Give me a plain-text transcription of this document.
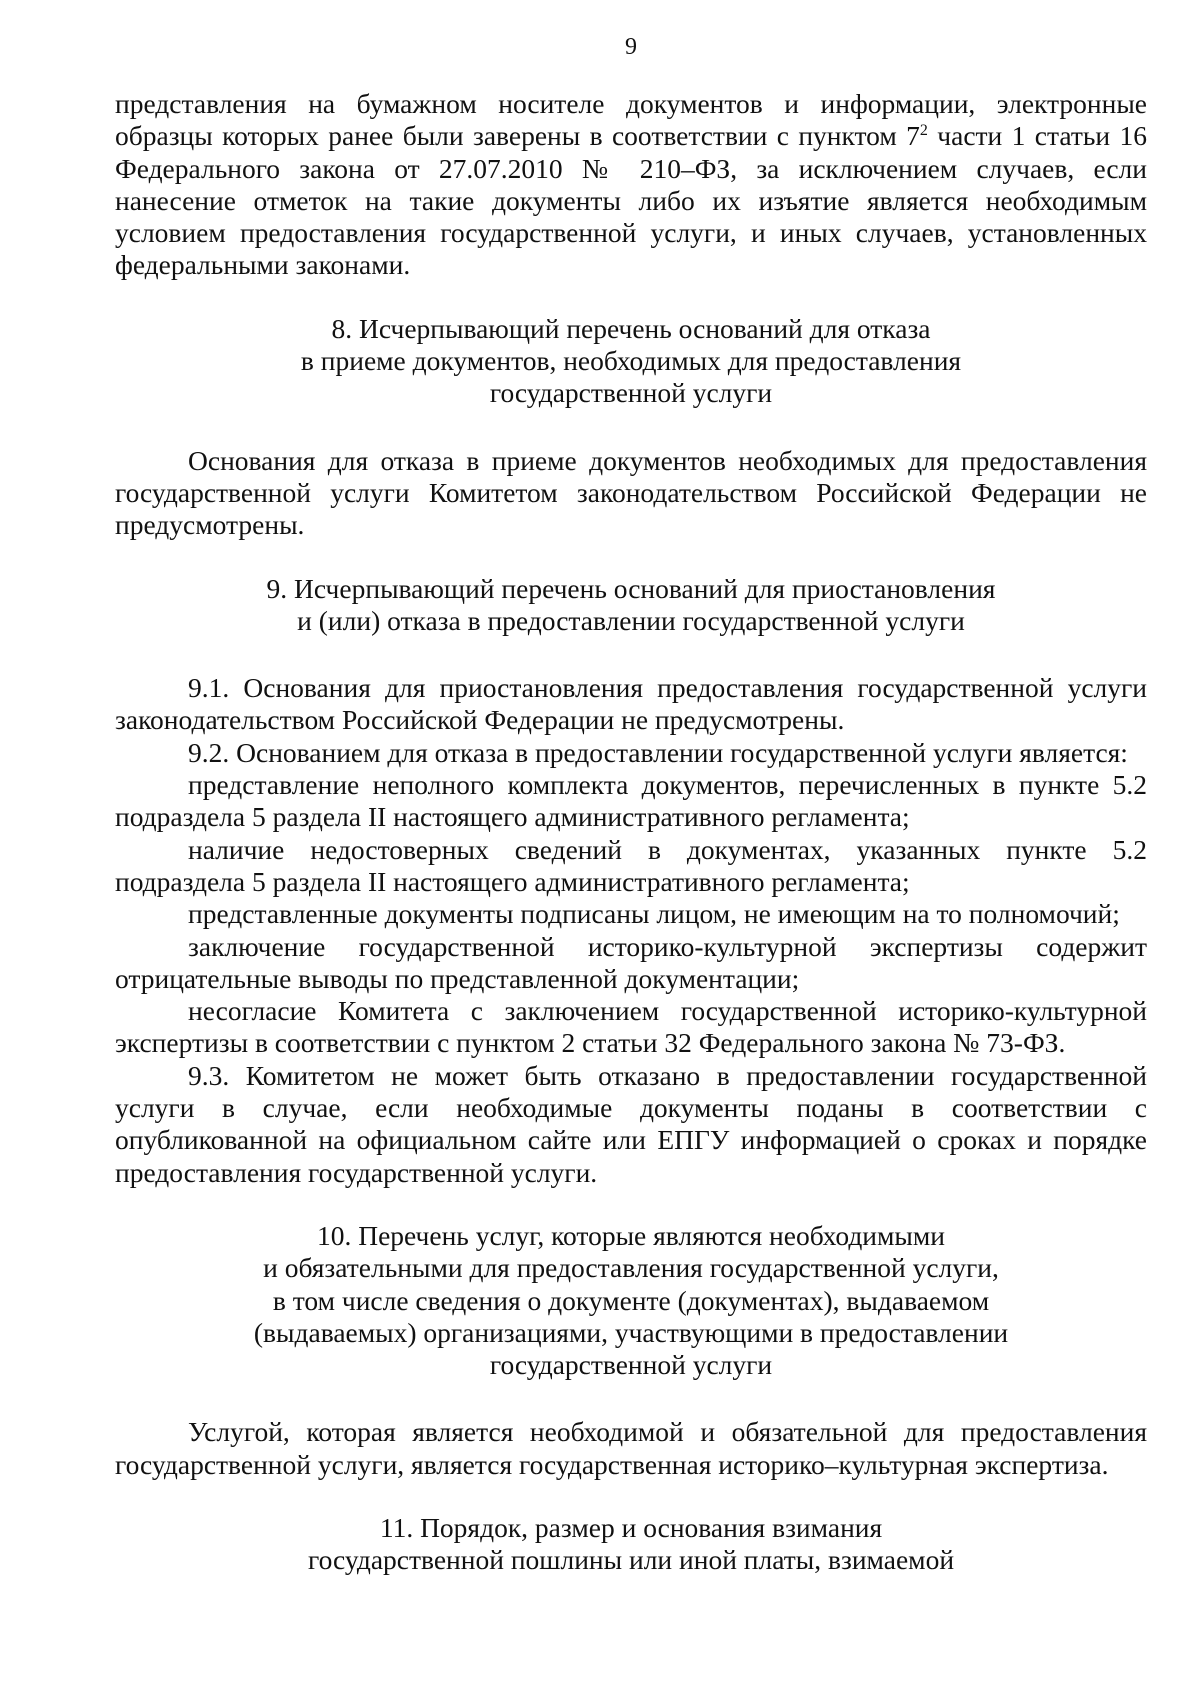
9

представления на бумажном носителе документов и информации, электронные образцы которых ранее были заверены в соответствии с пунктом $7^2$ части 1 статьи 16 Федерального закона от 27.07.2010 № 210–ФЗ, за исключением случаев, если нанесение отметок на такие документы либо их изъятие является необходимым условием предоставления государственной услуги, и иных случаев, установленных федеральными законами.

8. Исчерпывающий перечень оснований для отказа
в приеме документов, необходимых для предоставления
государственной услуги

Основания для отказа в приеме документов необходимых для предоставления государственной услуги Комитетом законодательством Российской Федерации не предусмотрены.

9. Исчерпывающий перечень оснований для приостановления
и (или) отказа в предоставлении государственной услуги

9.1. Основания для приостановления предоставления государственной услуги законодательством Российской Федерации не предусмотрены.

9.2. Основанием для отказа в предоставлении государственной услуги является:

представление неполного комплекта документов, перечисленных в пункте 5.2 подраздела 5 раздела II настоящего административного регламента;

наличие недостоверных сведений в документах, указанных пункте 5.2 подраздела 5 раздела II настоящего административного регламента;

представленные документы подписаны лицом, не имеющим на то полномочий;

заключение государственной историко-культурной экспертизы содержит отрицательные выводы по представленной документации;

несогласие Комитета с заключением государственной историко-культурной экспертизы в соответствии с пунктом 2 статьи 32 Федерального закона № 73-ФЗ.

9.3. Комитетом не может быть отказано в предоставлении государственной услуги в случае, если необходимые документы поданы в соответствии с опубликованной на официальном сайте или ЕПГУ информацией о сроках и порядке предоставления государственной услуги.

10. Перечень услуг, которые являются необходимыми
и обязательными для предоставления государственной услуги,
в том числе сведения о документе (документах), выдаваемом
(выдаваемых) организациями, участвующими в предоставлении
государственной услуги

Услугой, которая является необходимой и обязательной для предоставления государственной услуги, является государственная историко–культурная экспертиза.

11. Порядок, размер и основания взимания
государственной пошлины или иной платы, взимаемой
